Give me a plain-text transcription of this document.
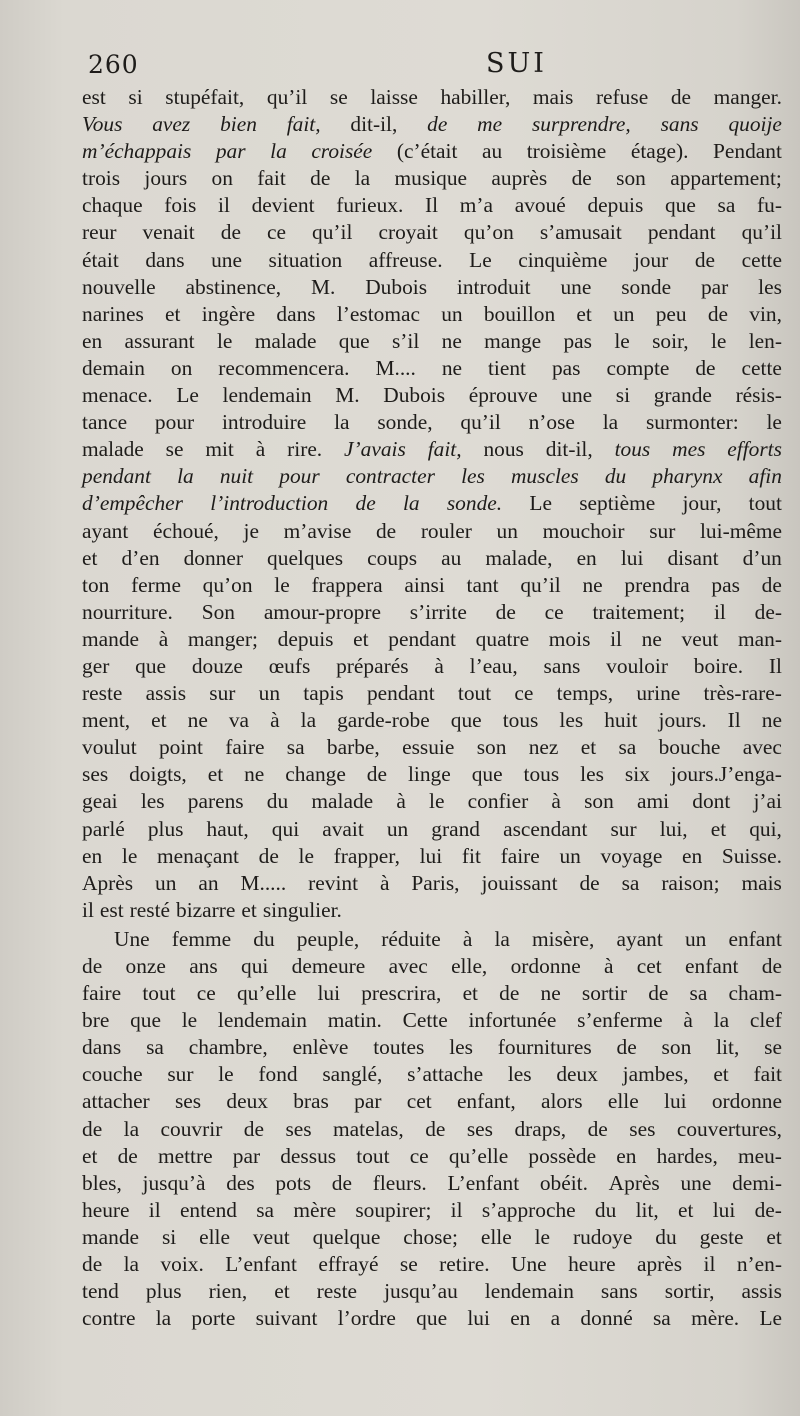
260	SUI
est si stupéfait, qu’il se laisse habiller, mais refuse de manger.
Vous avez bien fait, dit-il, de me surprendre, sans quoije
m’échappais par la croisée (c’était au troisième étage). Pendant
trois jours on fait de la musique auprès de son appartement;
chaque fois il devient furieux. Il m’a avoué depuis que sa fu-
reur venait de ce qu’il croyait qu’on s’amusait pendant qu’il
était dans une situation affreuse. Le cinquième jour de cette
nouvelle abstinence, M. Dubois introduit une sonde par les
narines et ingère dans l’estomac un bouillon et un peu de vin,
en assurant le malade que s’il ne mange pas le soir, le len-
demain on recommencera. M.... ne tient pas compte de cette
menace. Le lendemain M. Dubois éprouve une si grande résis-
tance pour introduire la sonde, qu’il n’ose la surmonter: le
malade se mit à rire. J’avais fait, nous dit-il, tous mes efforts
pendant la nuit pour contracter les muscles du pharynx afin
d’empêcher l’introduction de la sonde. Le septième jour, tout
ayant échoué, je m’avise de rouler un mouchoir sur lui-même
et d’en donner quelques coups au malade, en lui disant d’un
ton ferme qu’on le frappera ainsi tant qu’il ne prendra pas de
nourriture. Son amour-propre s’irrite de ce traitement; il de-
mande à manger; depuis et pendant quatre mois il ne veut man-
ger que douze œufs préparés à l’eau, sans vouloir boire. Il
reste assis sur un tapis pendant tout ce temps, urine très-rare-
ment, et ne va à la garde-robe que tous les huit jours. Il ne
voulut point faire sa barbe, essuie son nez et sa bouche avec
ses doigts, et ne change de linge que tous les six jours.J’enga-
geai les parens du malade à le confier à son ami dont j’ai
parlé plus haut, qui avait un grand ascendant sur lui, et qui,
en le menaçant de le frapper, lui fit faire un voyage en Suisse.
Après un an M..... revint à Paris, jouissant de sa raison; mais
il est resté bizarre et singulier.
Une femme du peuple, réduite à la misère, ayant un enfant
de onze ans qui demeure avec elle, ordonne à cet enfant de
faire tout ce qu’elle lui prescrira, et de ne sortir de sa cham-
bre que le lendemain matin. Cette infortunée s’enferme à la clef
dans sa chambre, enlève toutes les fournitures de son lit, se
couche sur le fond sanglé, s’attache les deux jambes, et fait
attacher ses deux bras par cet enfant, alors elle lui ordonne
de la couvrir de ses matelas, de ses draps, de ses couvertures,
et de mettre par dessus tout ce qu’elle possède en hardes, meu-
bles, jusqu’à des pots de fleurs. L’enfant obéit. Après une demi-
heure il entend sa mère soupirer; il s’approche du lit, et lui de-
mande si elle veut quelque chose; elle le rudoye du geste et
de la voix. L’enfant effrayé se retire. Une heure après il n’en-
tend plus rien, et reste jusqu’au lendemain sans sortir, assis
contre la porte suivant l’ordre que lui en a donné sa mère. Le
